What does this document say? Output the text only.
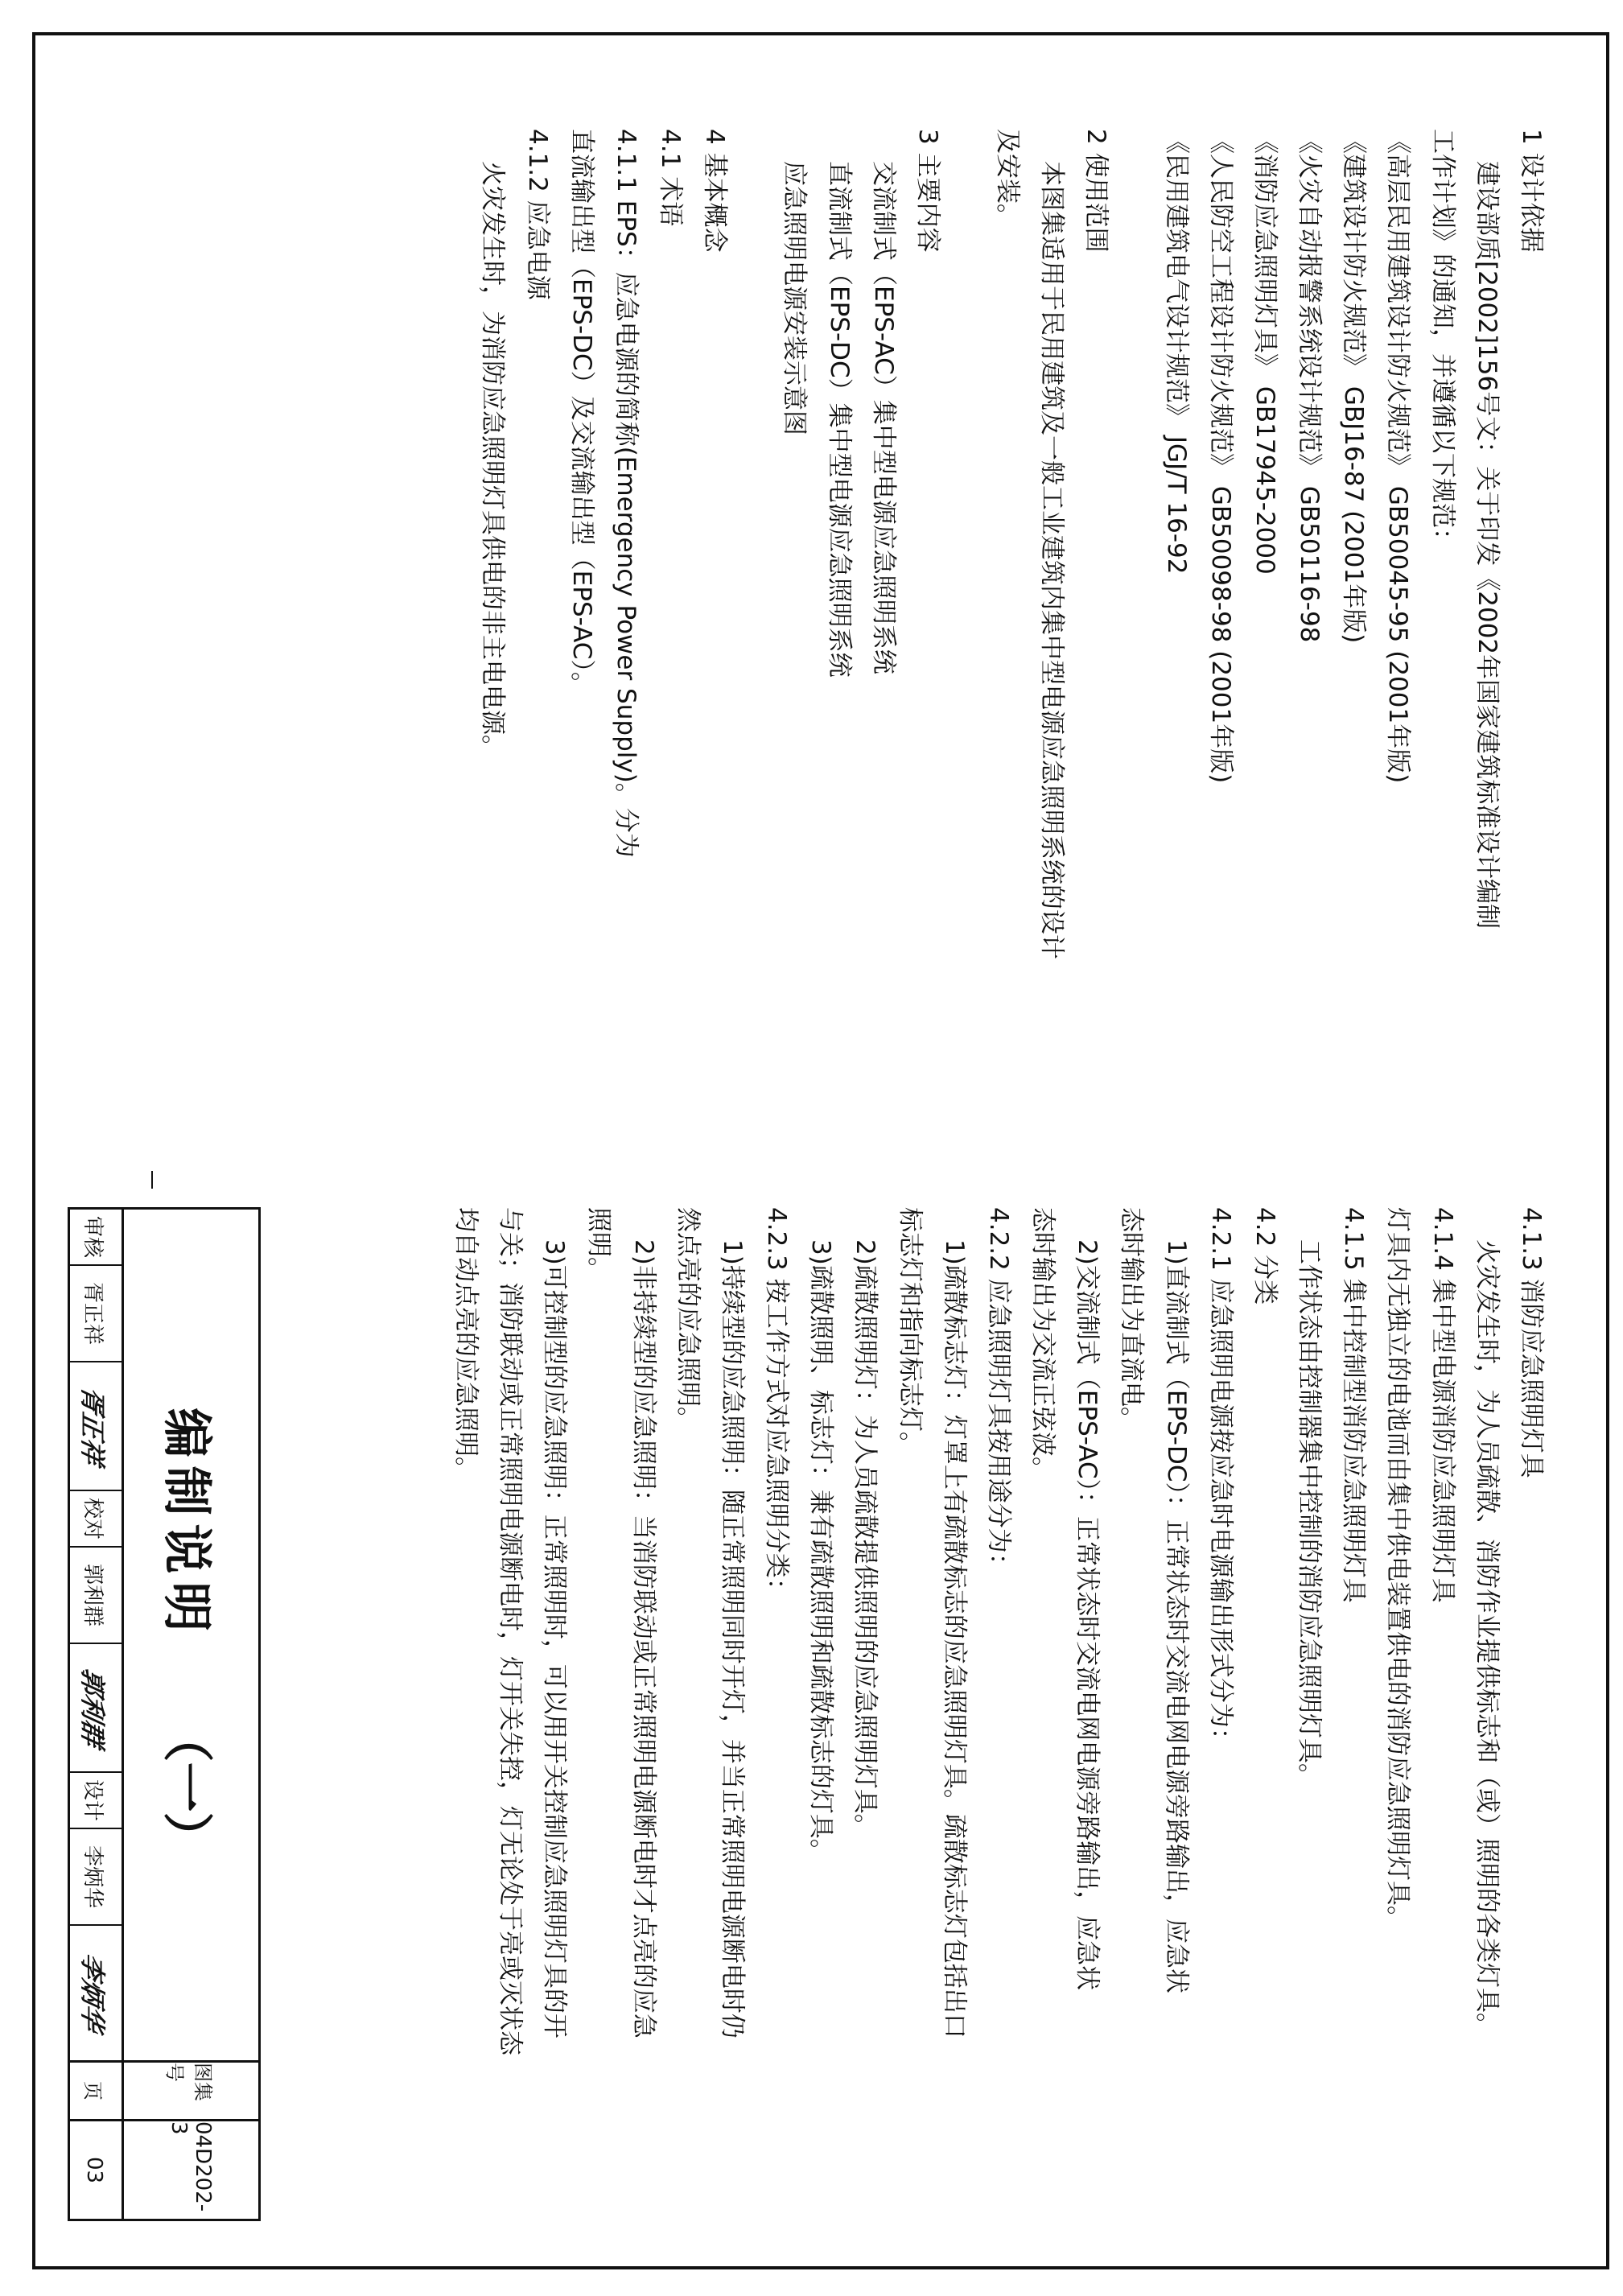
1 设计依据
建设部质[2002]156号文：关于印发《2002年国家建筑标准设计编制
工作计划》的通知，并遵循以下规范：
《高层民用建筑设计防火规范》 GB50045-95 (2001年版)
《建筑设计防火规范》 GBJ16-87 (2001年版)
《火灾自动报警系统设计规范》 GB50116-98
《消防应急照明灯具》 GB17945-2000
《人民防空工程设计防火规范》 GB50098-98 (2001年版)
《民用建筑电气设计规范》 JGJ/T 16-92
2 使用范围
本图集适用于民用建筑及一般工业建筑内集中型电源应急照明系统的设计
及安装。
3 主要内容
交流制式（EPS-AC）集中型电源应急照明系统
直流制式（EPS-DC）集中型电源应急照明系统
应急照明电源安装示意图
4 基本概念
4.1 术语
4.1.1 EPS：应急电源的简称(Emergency Power Supply)。分为
直流输出型（EPS-DC）及交流输出型（EPS-AC）。
4.1.2 应急电源
火灾发生时，为消防应急照明灯具供电的非主电电源。
4.1.3 消防应急照明灯具
火灾发生时，为人员疏散、消防作业提供标志和（或）照明的各类灯具。
4.1.4 集中型电源消防应急照明灯具
灯具内无独立的电池而由集中供电装置供电的消防应急照明灯具。
4.1.5 集中控制型消防应急照明灯具
工作状态由控制器集中控制的消防应急照明灯具。
4.2 分类
4.2.1 应急照明电源按应急时电源输出形式分为：
1)直流制式（EPS-DC）：正常状态时交流电网电源旁路输出，应急状
态时输出为直流电。
2)交流制式（EPS-AC）：正常状态时交流电网电源旁路输出，应急状
态时输出为交流正弦波。
4.2.2 应急照明灯具按用途分为：
1)疏散标志灯：灯罩上有疏散标志的应急照明灯具。疏散标志灯包括出口
标志灯和指向标志灯。
2)疏散照明灯：为人员疏散提供照明的应急照明灯具。
3)疏散照明、标志灯：兼有疏散照明和疏散标志的灯具。
4.2.3 按工作方式对应急照明分类：
1)持续型的应急照明：随正常照明同时开灯，并当正常照明电源断电时仍
然点亮的应急照明。
2)非持续型的应急照明：当消防联动或正常照明电源断电时才点亮的应急
照明。
3)可控制型的应急照明：正常照明时，可以用开关控制应急照明灯具的开
与关；消防联动或正常照明电源断电时，灯开关失控，灯无论处于亮或灭状态
均自动点亮的应急照明。
编制说明
（一）
图集号
04D202-3
页
03
审核
胥正祥
胥正祥
校对
郭利群
郭利群
设计
李炳华
李炳华
